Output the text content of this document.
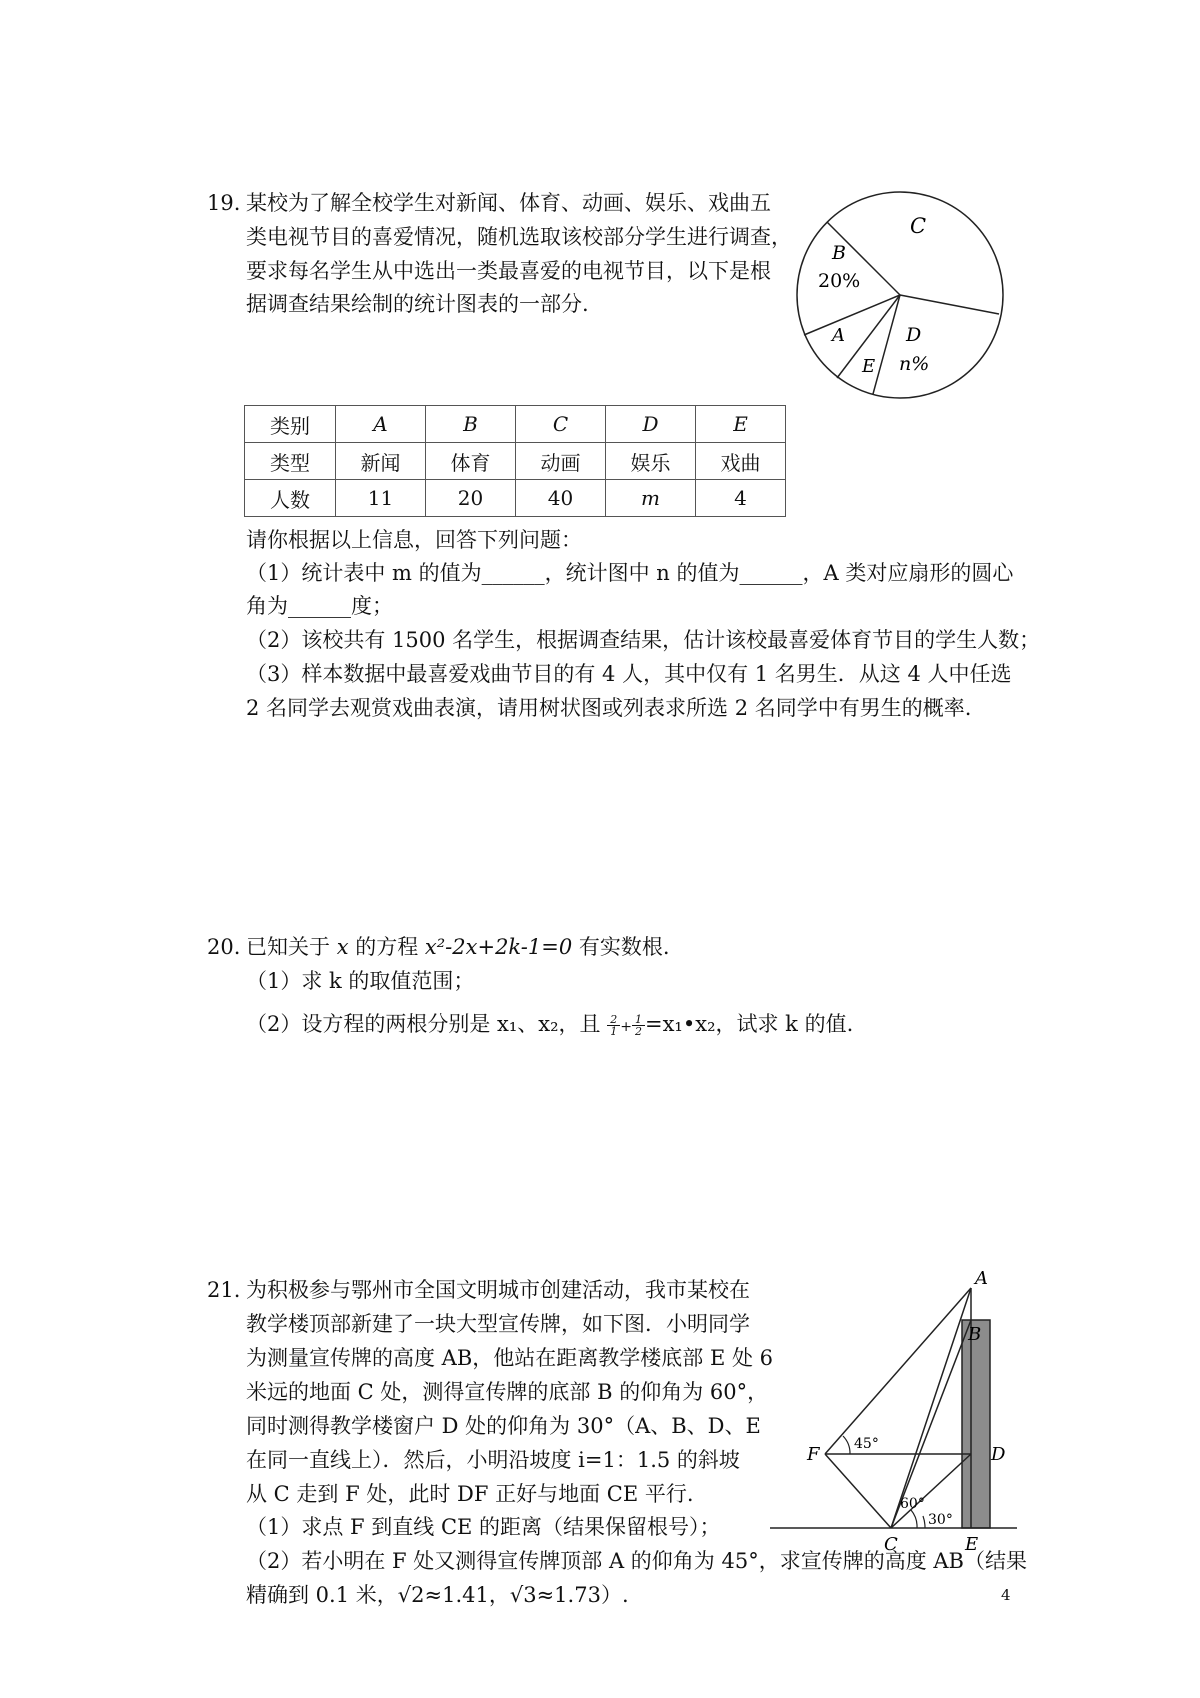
19. 某校为了解全校学生对新闻、体育、动画、娱乐、戏曲五
类电视节目的喜爱情况，随机选取该校部分学生进行调查，
要求每名学生从中选出一类最喜爱的电视节目，以下是根
据调查结果绘制的统计图表的一部分.
C
B
20%
D
n%
A
E
类别	A	B	C	D	E
类型	新闻	体育	动画	娱乐	戏曲
人数	11	20	40	m	4
请你根据以上信息，回答下列问题：
（1）统计表中 m 的值为______，统计图中 n 的值为______，A 类对应扇形的圆心
角为______度；
（2）该校共有 1500 名学生，根据调查结果，估计该校最喜爱体育节目的学生人数；
（3）样本数据中最喜爱戏曲节目的有 4 人，其中仅有 1 名男生．从这 4 人中任选
2 名同学去观赏戏曲表演，请用树状图或列表求所选 2 名同学中有男生的概率.
20. 已知关于 x 的方程 x²-2x+2k-1=0 有实数根.
（1）求 k 的取值范围；
（2）设方程的两根分别是 x₁、x₂，且 $\frac{2}{1} + \frac{1}{2}$ =x₁•x₂，试求 k 的值.
21. 为积极参与鄂州市全国文明城市创建活动，我市某校在
教学楼顶部新建了一块大型宣传牌，如下图．小明同学
为测量宣传牌的高度 AB，他站在距离教学楼底部 E 处 6
米远的地面 C 处，测得宣传牌的底部 B 的仰角为 60°，
同时测得教学楼窗户 D 处的仰角为 30°（A、B、D、E
在同一直线上）．然后，小明沿坡度 i=1：1.5 的斜坡
从 C 走到 F 处，此时 DF 正好与地面 CE 平行.
（1）求点 F 到直线 CE 的距离（结果保留根号）；
（2）若小明在 F 处又测得宣传牌顶部 A 的仰角为 45°，求宣传牌的高度 AB（结果
精确到 0.1 米，√2≈1.41，√3≈1.73）.
A
B
D
E
C
F 45°
60°
30°
4
